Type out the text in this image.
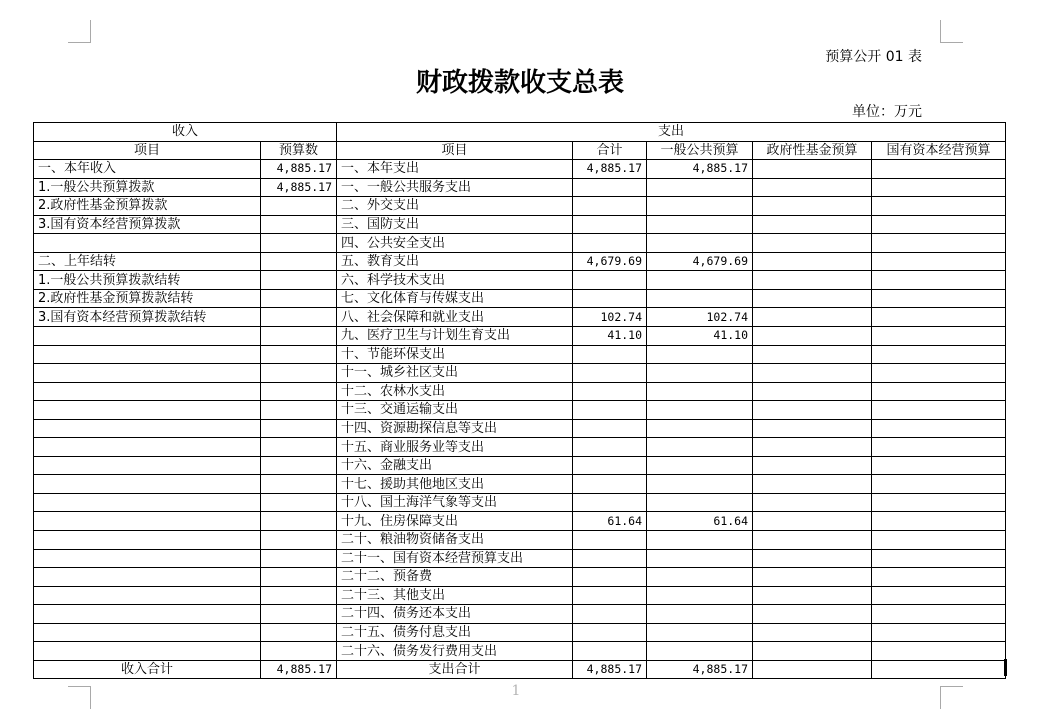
预算公开 01 表
财政拨款收支总表
单位：万元
收入		支出				
项目	预算数	项目	合计	一般公共预算	政府性基金预算	国有资本经营预算
一、本年收入	4,885.17	一、本年支出	4,885.17	4,885.17		
1.一般公共预算拨款	4,885.17	一、一般公共服务支出				
2.政府性基金预算拨款		二、外交支出				
3.国有资本经营预算拨款		三、国防支出				
		四、公共安全支出				
二、上年结转		五、教育支出	4,679.69	4,679.69		
1.一般公共预算拨款结转		六、科学技术支出				
2.政府性基金预算拨款结转		七、文化体育与传媒支出				
3.国有资本经营预算拨款结转		八、社会保障和就业支出	102.74	102.74		
		九、医疗卫生与计划生育支出	41.10	41.10		
		十、节能环保支出				
		十一、城乡社区支出				
		十二、农林水支出				
		十三、交通运输支出				
		十四、资源勘探信息等支出				
		十五、商业服务业等支出				
		十六、金融支出				
		十七、援助其他地区支出				
		十八、国土海洋气象等支出				
		十九、住房保障支出	61.64	61.64		
		二十、粮油物资储备支出				
		二十一、国有资本经营预算支出				
		二十二、预备费				
		二十三、其他支出				
		二十四、债务还本支出				
		二十五、债务付息支出				
		二十六、债务发行费用支出				
收入合计	4,885.17	支出合计	4,885.17	4,885.17		
1
